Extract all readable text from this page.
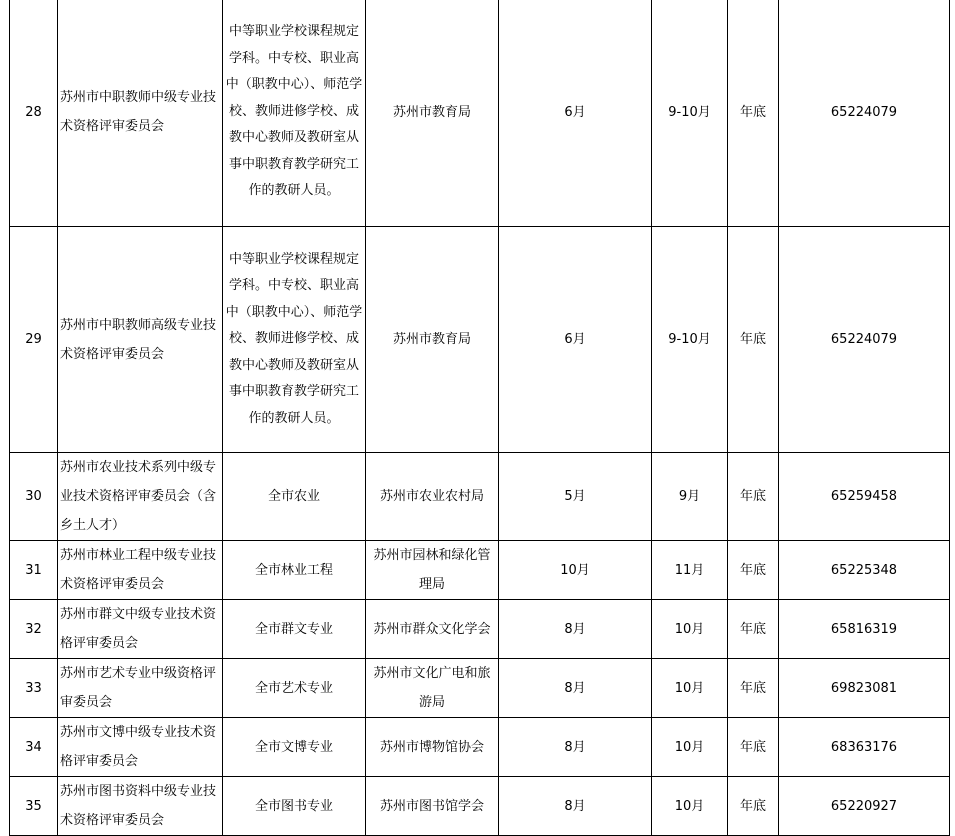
28	苏州市中职教师中级专业技术资格评审委员会	中等职业学校课程规定学科。中专校、职业高中（职教中心）、师范学校、教师进修学校、成教中心教师及教研室从事中职教育教学研究工作的教研人员。	苏州市教育局	6月	9-10月	年底	65224079
29	苏州市中职教师高级专业技术资格评审委员会	中等职业学校课程规定学科。中专校、职业高中（职教中心）、师范学校、教师进修学校、成教中心教师及教研室从事中职教育教学研究工作的教研人员。	苏州市教育局	6月	9-10月	年底	65224079
30	苏州市农业技术系列中级专业技术资格评审委员会（含乡土人才）	全市农业	苏州市农业农村局	5月	9月	年底	65259458
31	苏州市林业工程中级专业技术资格评审委员会	全市林业工程	苏州市园林和绿化管理局	10月	11月	年底	65225348
32	苏州市群文中级专业技术资格评审委员会	全市群文专业	苏州市群众文化学会	8月	10月	年底	65816319
33	苏州市艺术专业中级资格评审委员会	全市艺术专业	苏州市文化广电和旅游局	8月	10月	年底	69823081
34	苏州市文博中级专业技术资格评审委员会	全市文博专业	苏州市博物馆协会	8月	10月	年底	68363176
35	苏州市图书资料中级专业技术资格评审委员会	全市图书专业	苏州市图书馆学会	8月	10月	年底	65220927
